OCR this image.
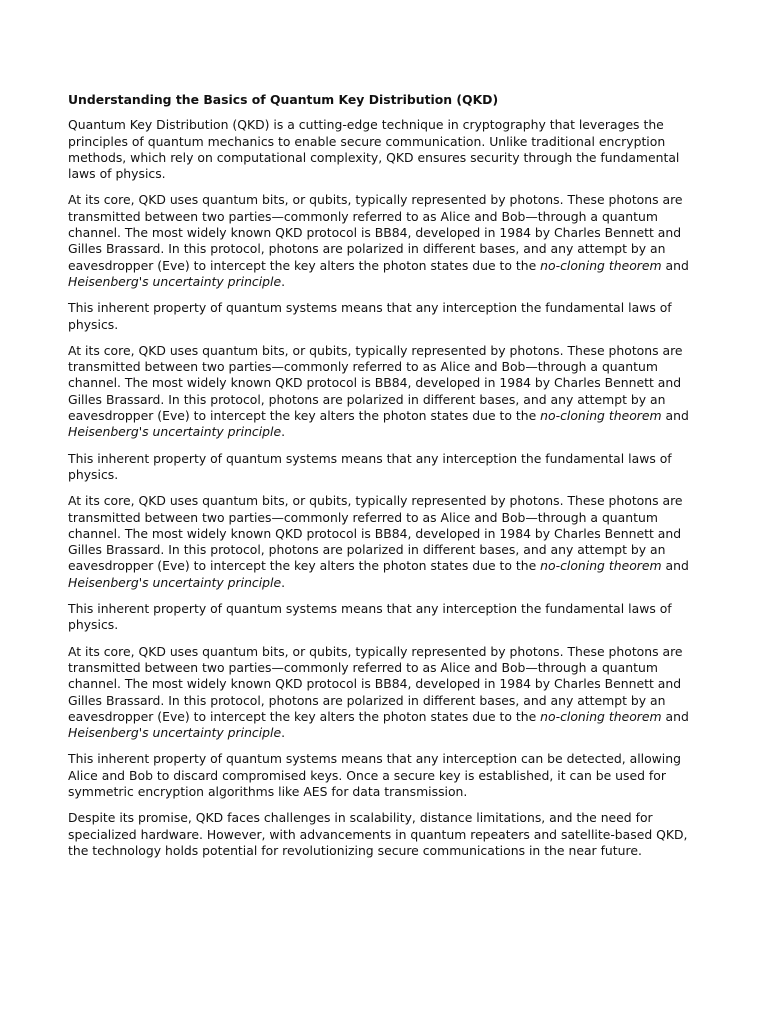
Understanding the Basics of Quantum Key Distribution (QKD)

Quantum Key Distribution (QKD) is a cutting-edge technique in cryptography that leverages the principles of quantum mechanics to enable secure communication. Unlike traditional encryption methods, which rely on computational complexity, QKD ensures security through the fundamental laws of physics.

At its core, QKD uses quantum bits, or qubits, typically represented by photons. These photons are transmitted between two parties—commonly referred to as Alice and Bob—through a quantum channel. The most widely known QKD protocol is BB84, developed in 1984 by Charles Bennett and Gilles Brassard. In this protocol, photons are polarized in different bases, and any attempt by an eavesdropper (Eve) to intercept the key alters the photon states due to the no-cloning theorem and Heisenberg's uncertainty principle.

This inherent property of quantum systems means that any interception the fundamental laws of physics.

At its core, QKD uses quantum bits, or qubits, typically represented by photons. These photons are transmitted between two parties—commonly referred to as Alice and Bob—through a quantum channel. The most widely known QKD protocol is BB84, developed in 1984 by Charles Bennett and Gilles Brassard. In this protocol, photons are polarized in different bases, and any attempt by an eavesdropper (Eve) to intercept the key alters the photon states due to the no-cloning theorem and Heisenberg's uncertainty principle.

This inherent property of quantum systems means that any interception the fundamental laws of physics.

At its core, QKD uses quantum bits, or qubits, typically represented by photons. These photons are transmitted between two parties—commonly referred to as Alice and Bob—through a quantum channel. The most widely known QKD protocol is BB84, developed in 1984 by Charles Bennett and Gilles Brassard. In this protocol, photons are polarized in different bases, and any attempt by an eavesdropper (Eve) to intercept the key alters the photon states due to the no-cloning theorem and Heisenberg's uncertainty principle.

This inherent property of quantum systems means that any interception the fundamental laws of physics.

At its core, QKD uses quantum bits, or qubits, typically represented by photons. These photons are transmitted between two parties—commonly referred to as Alice and Bob—through a quantum channel. The most widely known QKD protocol is BB84, developed in 1984 by Charles Bennett and Gilles Brassard. In this protocol, photons are polarized in different bases, and any attempt by an eavesdropper (Eve) to intercept the key alters the photon states due to the no-cloning theorem and Heisenberg's uncertainty principle.

This inherent property of quantum systems means that any interception can be detected, allowing Alice and Bob to discard compromised keys. Once a secure key is established, it can be used for symmetric encryption algorithms like AES for data transmission.

Despite its promise, QKD faces challenges in scalability, distance limitations, and the need for specialized hardware. However, with advancements in quantum repeaters and satellite-based QKD, the technology holds potential for revolutionizing secure communications in the near future.
